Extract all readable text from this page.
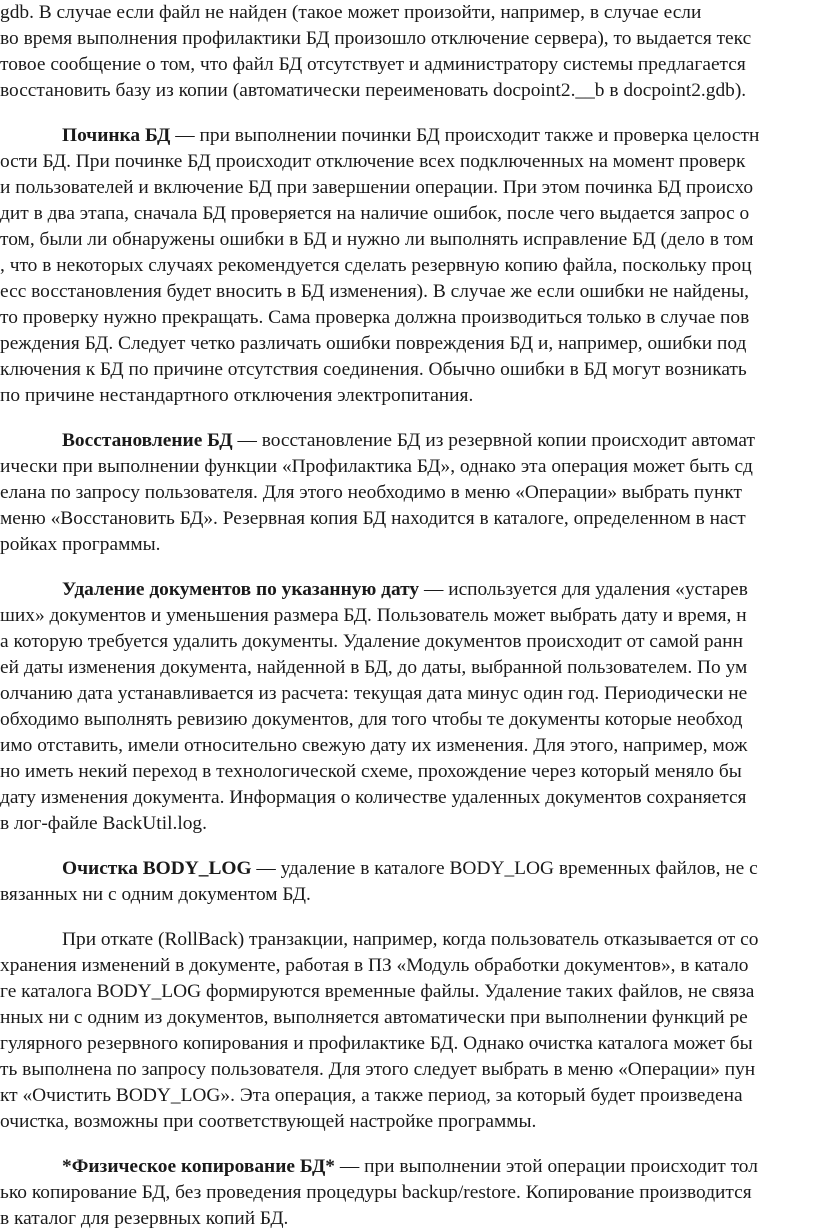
gdb. В случае если файл не найден (такое может произойти, например, в случае если
во время выполнения профилактики БД произошло отключение сервера), то выдается текс
товое сообщение о том, что файл БД отсутствует и администратору системы предлагается
восстановить базу из копии (автоматически переименовать docpoint2.__b в docpoint2.gdb).
Починка БД — при выполнении починки БД происходит также и проверка целостн
ости БД. При починке БД происходит отключение всех подключенных на момент проверк
и пользователей и включение БД при завершении операции. При этом починка БД происхо
дит в два этапа, сначала БД проверяется на наличие ошибок, после чего выдается запрос о
том, были ли обнаружены ошибки в БД и нужно ли выполнять исправление БД (дело в том
, что в некоторых случаях рекомендуется сделать резервную копию файла, поскольку проц
есс восстановления будет вносить в БД изменения). В случае же если ошибки не найдены,
то проверку нужно прекращать. Сама проверка должна производиться только в случае пов
реждения БД. Следует четко различать ошибки повреждения БД и, например, ошибки под
ключения к БД по причине отсутствия соединения. Обычно ошибки в БД могут возникать
по причине нестандартного отключения электропитания.
Восстановление БД — восстановление БД из резервной копии происходит автомат
ически при выполнении функции «Профилактика БД», однако эта операция может быть сд
елана по запросу пользователя. Для этого необходимо в меню «Операции» выбрать пункт
меню «Восстановить БД». Резервная копия БД находится в каталоге, определенном в наст
ройках программы.
Удаление документов по указанную дату — используется для удаления «устарев
ших» документов и уменьшения размера БД. Пользователь может выбрать дату и время, н
а которую требуется удалить документы. Удаление документов происходит от самой ранн
ей даты изменения документа, найденной в БД, до даты, выбранной пользователем. По ум
олчанию дата устанавливается из расчета: текущая дата минус один год. Периодически не
обходимо выполнять ревизию документов, для того чтобы те документы которые необход
имо отставить, имели относительно свежую дату их изменения. Для этого, например, мож
но иметь некий переход в технологической схеме, прохождение через который меняло бы
дату изменения документа. Информация о количестве удаленных документов сохраняется
в лог-файле BackUtil.log.
Очистка BODY_LOG — удаление в каталоге BODY_LOG временных файлов, не с
вязанных ни с одним документом БД.
При откате (RollBack) транзакции, например, когда пользователь отказывается от со
хранения изменений в документе, работая в ПЗ «Модуль обработки документов», в катало
ге каталога BODY_LOG формируются временные файлы. Удаление таких файлов, не связа
нных ни с одним из документов, выполняется автоматически при выполнении функций ре
гулярного резервного копирования и профилактике БД. Однако очистка каталога может бы
ть выполнена по запросу пользователя. Для этого следует выбрать в меню «Операции» пун
кт «Очистить BODY_LOG». Эта операция, а также период, за который будет произведена
очистка, возможны при соответствующей настройке программы.
*Физическое копирование БД* — при выполнении этой операции происходит тол
ько копирование БД, без проведения процедуры backup/restore. Копирование производится
в каталог для резервных копий БД.
